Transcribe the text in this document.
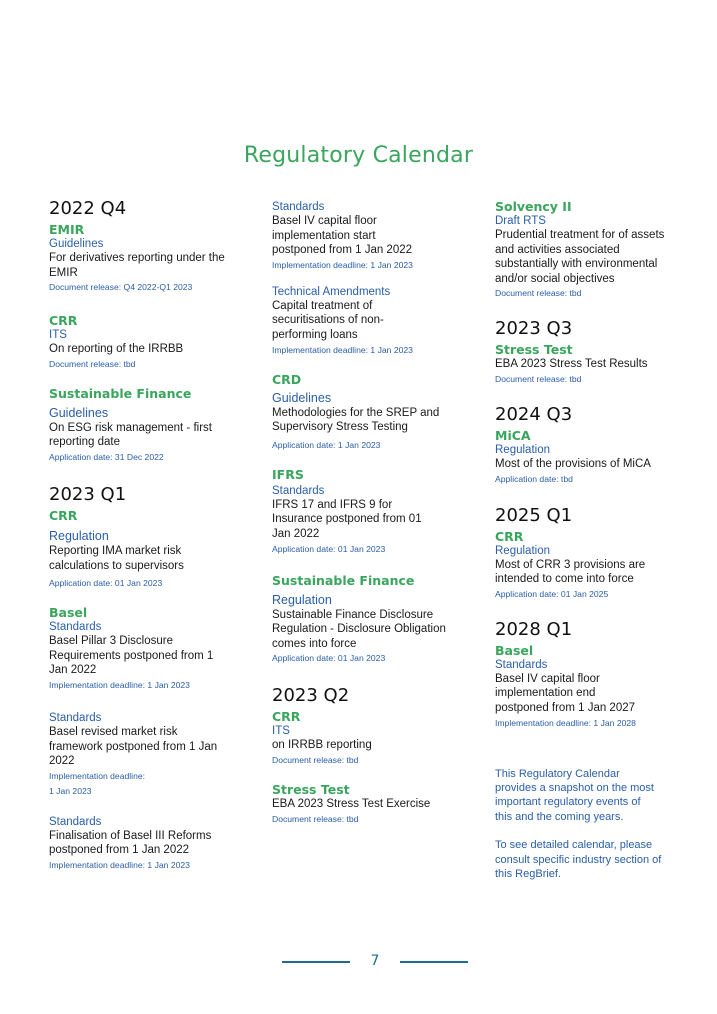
Regulatory Calendar
2022 Q4
EMIR
Guidelines
For derivatives reporting under the EMIR
Document release: Q4 2022-Q1 2023
CRR
ITS
On reporting of the IRRBB
Document release: tbd
Sustainable Finance
Guidelines
On ESG risk management - first reporting date
Application date: 31 Dec 2022
2023 Q1
CRR
Regulation
Reporting IMA market risk calculations to supervisors
Application date: 01 Jan 2023
Basel
Standards
Basel Pillar 3 Disclosure Requirements postponed from 1 Jan 2022
Implementation deadline: 1 Jan 2023
Standards
Basel revised market risk framework postponed from 1 Jan 2022
Implementation deadline:
1 Jan 2023
Standards
Finalisation of Basel III Reforms postponed from 1 Jan 2022
Implementation deadline: 1 Jan 2023
Standards
Basel IV capital floor implementation start postponed from 1 Jan 2022
Implementation deadline: 1 Jan 2023
Technical Amendments
Capital treatment of securitisations of non-performing loans
Implementation deadline: 1 Jan 2023
CRD
Guidelines
Methodologies for the SREP and Supervisory Stress Testing
Application date: 1 Jan 2023
IFRS
Standards
IFRS 17 and IFRS 9 for Insurance postponed from 01 Jan 2022
Application date: 01 Jan 2023
Sustainable Finance
Regulation
Sustainable Finance Disclosure Regulation - Disclosure Obligation comes into force
Application date: 01 Jan 2023
2023 Q2
CRR
ITS
on IRRBB reporting
Document release: tbd
Stress Test
EBA 2023 Stress Test Exercise
Document release: tbd
Solvency II
Draft RTS
Prudential treatment for of assets and activities associated substantially with environmental and/or social objectives
Document release: tbd
2023 Q3
Stress Test
EBA 2023 Stress Test Results
Document release: tbd
2024 Q3
MiCA
Regulation
Most of the provisions of MiCA
Application date: tbd
2025 Q1
CRR
Regulation
Most of CRR 3 provisions are intended to come into force
Application date: 01 Jan 2025
2028 Q1
Basel
Standards
Basel IV capital floor implementation end postponed from 1 Jan 2027
Implementation deadline: 1 Jan 2028
This Regulatory Calendar provides a snapshot on the most important regulatory events of this and the coming years.
To see detailed calendar, please consult specific industry section of this RegBrief.
7
